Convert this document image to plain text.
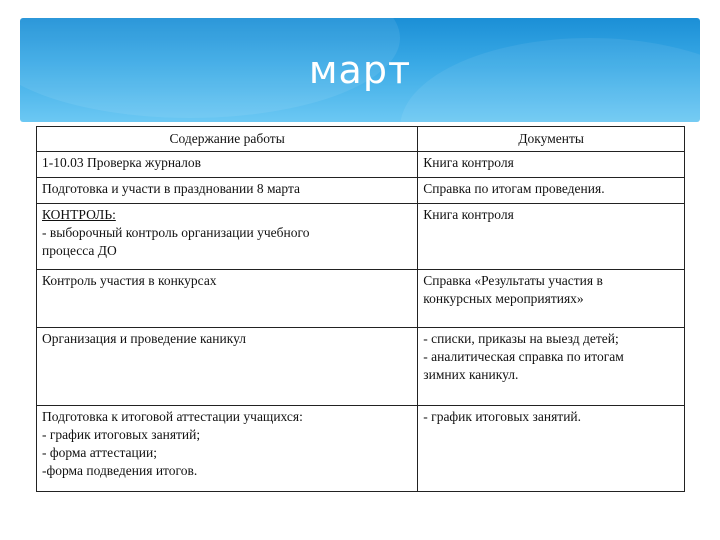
март
Содержание работы	Документы

1-10.03 Проверка журналов	Книга контроля

Подготовка и участи в праздновании 8 марта	Справка по итогам проведения.

КОНТРОЛЬ:
- выборочный контроль организации учебного
процесса ДО	Книга контроля

Контроль участия в конкурсах	Справка «Результаты участия в
конкурсных мероприятиях»

Организация и проведение каникул	- списки, приказы на выезд детей;
- аналитическая справка по итогам
зимних каникул.

Подготовка к итоговой аттестации учащихся:
- график итоговых занятий;
- форма аттестации;
-форма подведения итогов.	- график итоговых занятий.
